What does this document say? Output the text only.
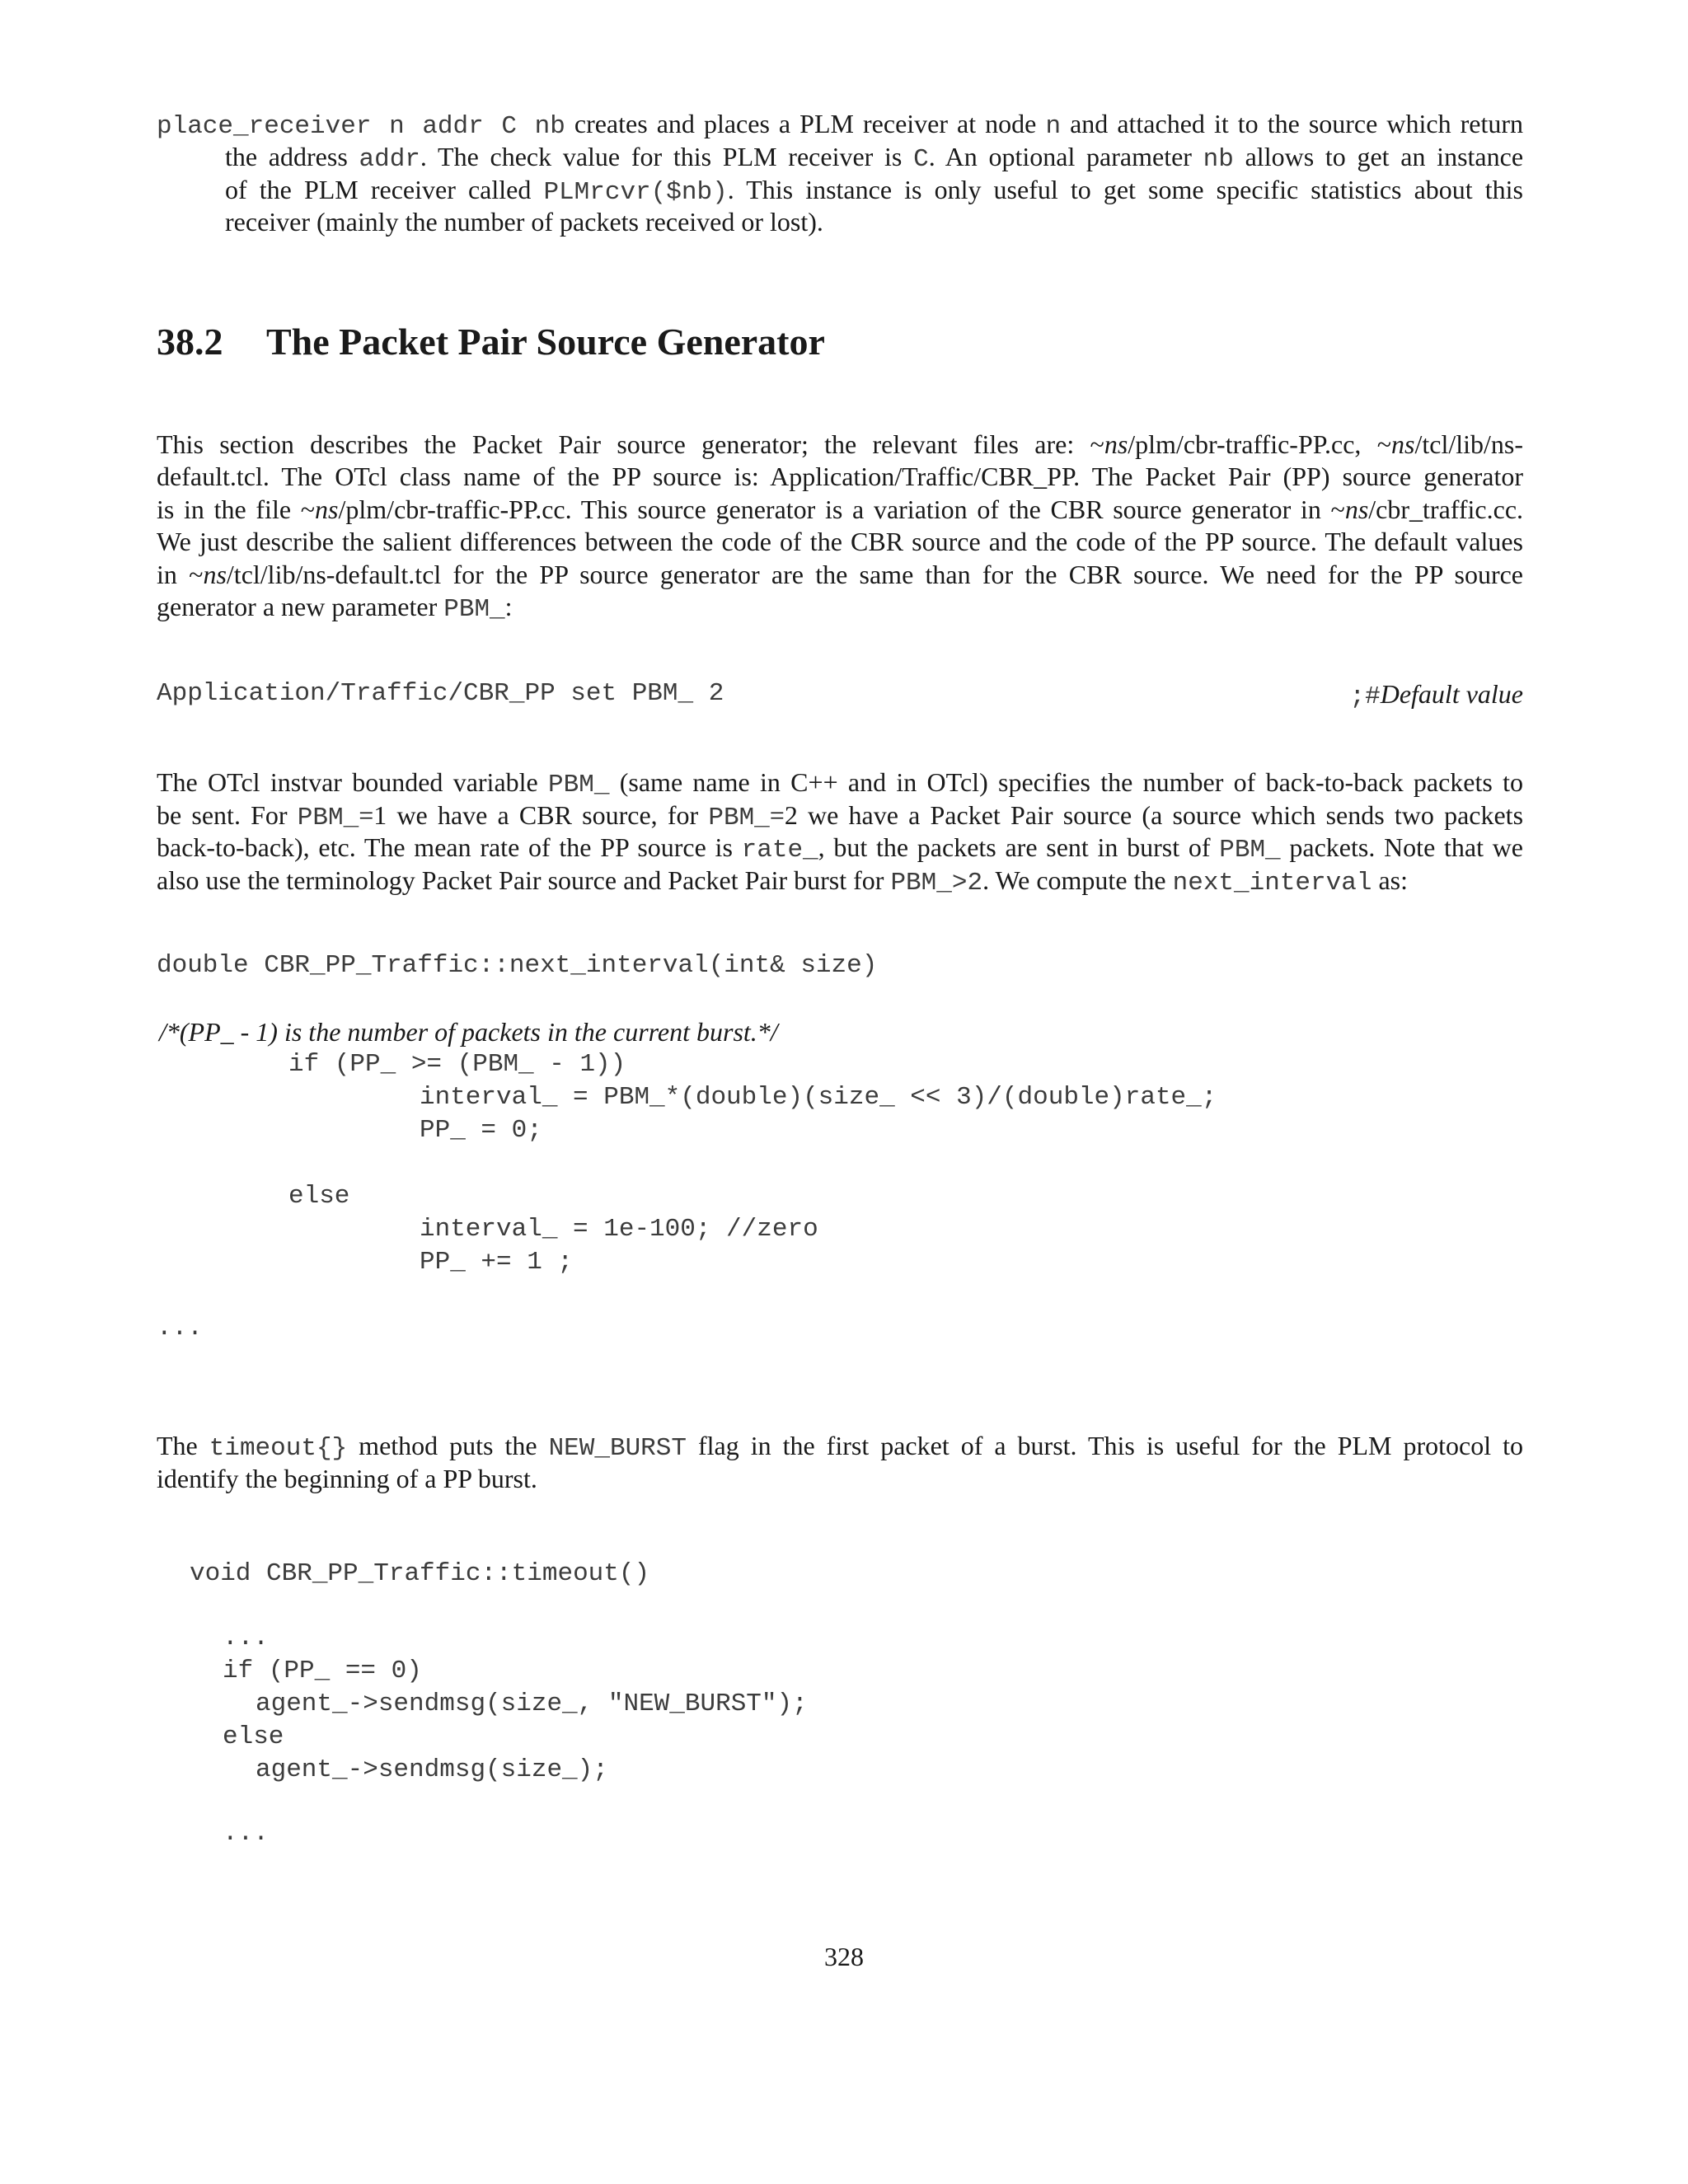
place_receiver n addr C nb creates and places a PLM receiver at node n and attached it to the source which return
the address addr. The check value for this PLM receiver is C. An optional parameter nb allows to get an instance
of the PLM receiver called PLMrcvr($nb). This instance is only useful to get some specific statistics about this
receiver (mainly the number of packets received or lost).
38.2 The Packet Pair Source Generator
This section describes the Packet Pair source generator; the relevant files are: ~ns/plm/cbr-traffic-PP.cc, ~ns/tcl/lib/ns-
default.tcl. The OTcl class name of the PP source is: Application/Traffic/CBR_PP. The Packet Pair (PP) source generator
is in the file ~ns/plm/cbr-traffic-PP.cc. This source generator is a variation of the CBR source generator in ~ns/cbr_traffic.cc.
We just describe the salient differences between the code of the CBR source and the code of the PP source. The default values
in ~ns/tcl/lib/ns-default.tcl for the PP source generator are the same than for the CBR source. We need for the PP source
generator a new parameter PBM_:
Application/Traffic/CBR_PP set PBM_ 2	;#Default value
The OTcl instvar bounded variable PBM_ (same name in C++ and in OTcl) specifies the number of back-to-back packets to
be sent. For PBM_=1 we have a CBR source, for PBM_=2 we have a Packet Pair source (a source which sends two packets
back-to-back), etc. The mean rate of the PP source is rate_, but the packets are sent in burst of PBM_ packets. Note that we
also use the terminology Packet Pair source and Packet Pair burst for PBM_>2. We compute the next_interval as:
double CBR_PP_Traffic::next_interval(int& size)
/*(PP_ - 1) is the number of packets in the current burst.*/
if (PP_ >= (PBM_ - 1))
interval_ = PBM_*(double)(size_ << 3)/(double)rate_;
PP_ = 0;
else
interval_ = 1e-100; //zero
PP_ += 1 ;
...
The timeout{} method puts the NEW_BURST flag in the first packet of a burst. This is useful for the PLM protocol to
identify the beginning of a PP burst.
void CBR_PP_Traffic::timeout()
...
if (PP_ == 0)
agent_->sendmsg(size_, "NEW_BURST");
else
agent_->sendmsg(size_);
...
328
